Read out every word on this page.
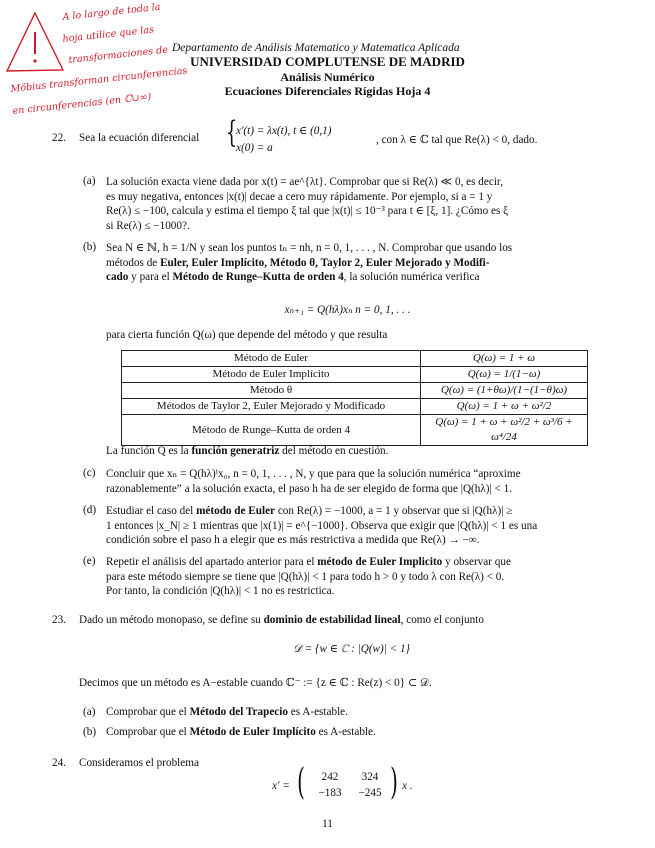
A lo largo de toda la
hoja utilice que las
transformaciones de
Möbius transforman circunferencias
en circunferencias (en ℂ∪∞)
Departamento de Análisis Matematico y Matematica Aplicada
UNIVERSIDAD COMPLUTENSE DE MADRID
Análisis Numérico
Ecuaciones Diferenciales Rígidas Hoja 4
22. Sea la ecuación diferencial {
x′(t) = λx(t), t ∈ (0,1)
x(0) = a
, con λ ∈ ℂ tal que Re(λ) < 0, dado.
(a) La solución exacta viene dada por x(t) = ae^{λt}. Comprobar que si Re(λ) ≪ 0, es decir,
es muy negativa, entonces |x(t)| decae a cero muy rápidamente. Por ejemplo, si a = 1 y
Re(λ) ≤ −100, calcula y estima el tiempo ξ tal que |x(t)| ≤ 10⁻³ para t ∈ [ξ, 1]. ¿Cómo es ξ
si Re(λ) ≤ −1000?.
(b) Sea N ∈ ℕ, h = 1/N y sean los puntos tₙ = nh, n = 0, 1, . . . , N. Comprobar que usando los
métodos de Euler, Euler Implícito, Método θ, Taylor 2, Euler Mejorado y Modifi-
cado y para el Método de Runge–Kutta de orden 4, la solución numérica verifica
xₙ₊₁ = Q(hλ)xₙ n = 0, 1, . . .
para cierta función Q(ω) que depende del método y que resulta
Método de Euler	Q(ω) = 1 + ω
Método de Euler Implícito	Q(ω) = 1/(1−ω)
Método θ	Q(ω) = (1+θω)/(1−(1−θ)ω)
Métodos de Taylor 2, Euler Mejorado y Modificado	Q(ω) = 1 + ω + ω²/2
Método de Runge–Kutta de orden 4	Q(ω) = 1 + ω + ω²/2 + ω³/6 + ω⁴/24
La función Q es la función generatriz del método en cuestión.
(c) Concluir que xₙ = Q(hλ)ⁱx₀, n = 0, 1, . . . , N, y que para que la solución numérica “aproxime
razonablemente” a la solución exacta, el paso h ha de ser elegido de forma que |Q(hλ)| < 1.
(d) Estudiar el caso del método de Euler con Re(λ) = −1000, a = 1 y observar que si |Q(hλ)| ≥
1 entonces |x_N| ≥ 1 mientras que |x(1)| = e^{−1000}. Observa que exigir que |Q(hλ)| < 1 es una
condición sobre el paso h a elegir que es más restrictiva a medida que Re(λ) → −∞.
(e) Repetir el análisis del apartado anterior para el método de Euler Implicito y observar que
para este método siempre se tiene que |Q(hλ)| < 1 para todo h > 0 y todo λ con Re(λ) < 0.
Por tanto, la condición |Q(hλ)| < 1 no es restrictica.
23. Dado un método monopaso, se define su dominio de estabilidad lineal, como el conjunto
𝒟 = {w ∈ ℂ : |Q(w)| < 1}
Decimos que un método es A−estable cuando ℂ⁻ := {z ∈ ℂ : Re(z) < 0} ⊂ 𝒟.
(a) Comprobar que el Método del Trapecio es A-estable.
(b) Comprobar que el Método de Euler Implícito es A-estable.
24. Consideramos el problema
x′ = (	242	324
−183	−245 ) x .
11
